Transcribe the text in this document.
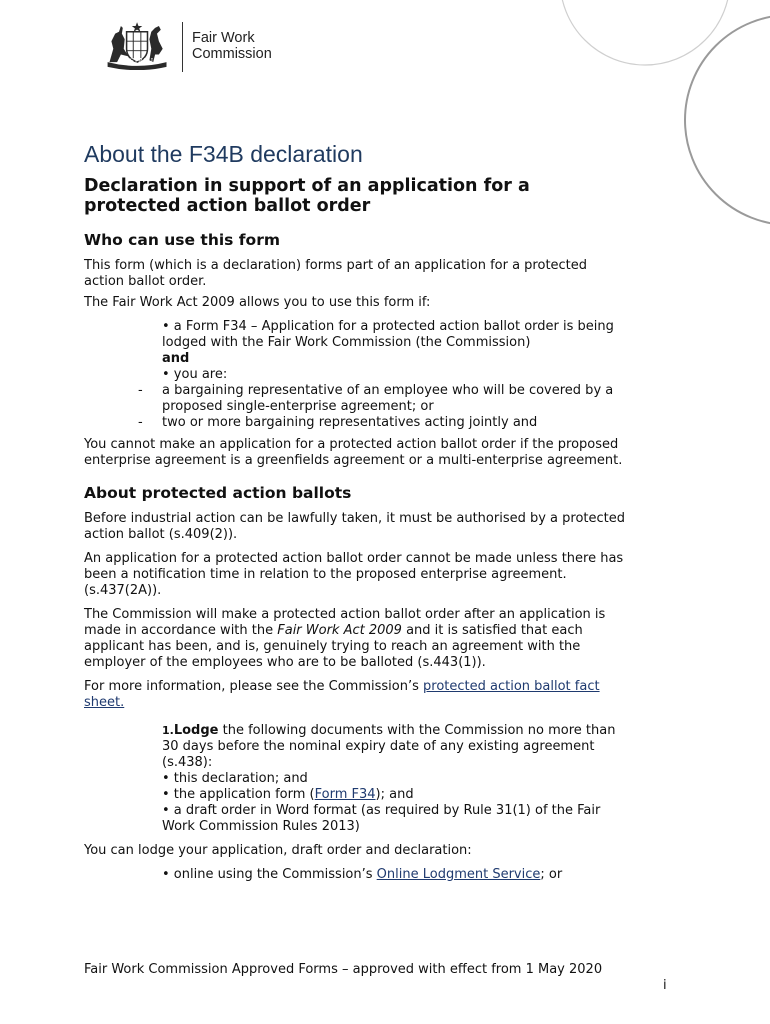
AUSTRALIA
Fair Work
Commission
About the F34B declaration
Declaration in support of an application for a protected action ballot order
Who can use this form

This form (which is a declaration) forms part of an application for a protected action ballot order.

The Fair Work Act 2009 allows you to use this form if:

• a Form F34 – Application for a protected action ballot order is being lodged with the Fair Work Commission (the Commission)
and
• you are:
- a bargaining representative of an employee who will be covered by a proposed single-enterprise agreement; or
- two or more bargaining representatives acting jointly and

You cannot make an application for a protected action ballot order if the proposed enterprise agreement is a greenfields agreement or a multi-enterprise agreement.

About protected action ballots

Before industrial action can be lawfully taken, it must be authorised by a protected action ballot (s.409(2)).

An application for a protected action ballot order cannot be made unless there has been a notification time in relation to the proposed enterprise agreement. (s.437(2A)).

The Commission will make a protected action ballot order after an application is made in accordance with the Fair Work Act 2009 and it is satisfied that each applicant has been, and is, genuinely trying to reach an agreement with the employer of the employees who are to be balloted (s.443(1)).

For more information, please see the Commission’s protected action ballot fact sheet.

1.Lodge the following documents with the Commission no more than 30 days before the nominal expiry date of any existing agreement (s.438):
• this declaration; and
• the application form (Form F34); and
• a draft order in Word format (as required by Rule 31(1) of the Fair Work Commission Rules 2013)

You can lodge your application, draft order and declaration:

• online using the Commission’s Online Lodgment Service; or
Fair Work Commission Approved Forms – approved with effect from 1 May 2020
i
